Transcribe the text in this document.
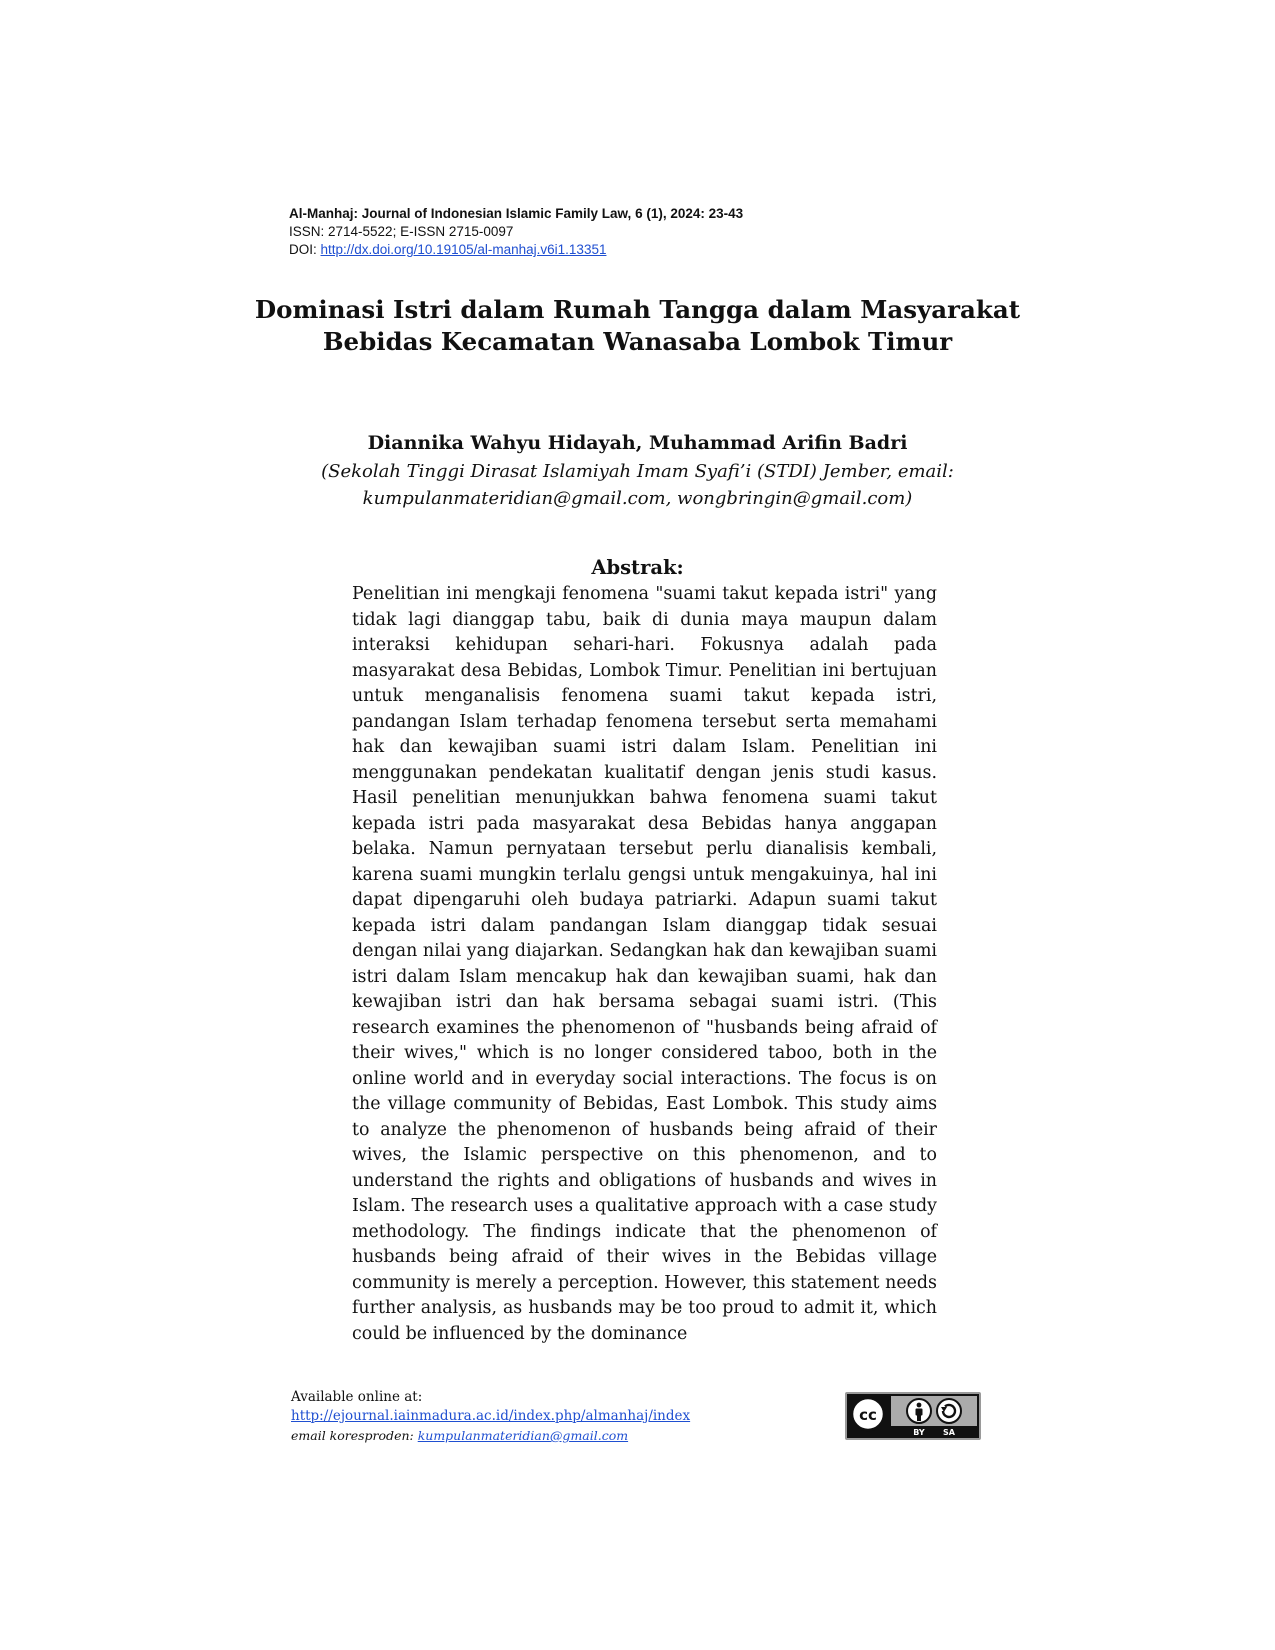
Al-Manhaj: Journal of Indonesian Islamic Family Law, 6 (1), 2024: 23-43
ISSN: 2714-5522; E-ISSN 2715-0097
DOI: http://dx.doi.org/10.19105/al-manhaj.v6i1.13351
Dominasi Istri dalam Rumah Tangga dalam Masyarakat
Bebidas Kecamatan Wanasaba Lombok Timur

Diannika Wahyu Hidayah, Muhammad Arifin Badri

(Sekolah Tinggi Dirasat Islamiyah Imam Syafi’i (STDI) Jember, email:
kumpulanmateridian@gmail.com, wongbringin@gmail.com)

Abstrak:

Penelitian ini mengkaji fenomena "suami takut kepada istri" yang tidak lagi dianggap tabu, baik di dunia maya maupun dalam interaksi kehidupan sehari-hari. Fokusnya adalah pada masyarakat desa Bebidas, Lombok Timur. Penelitian ini bertujuan untuk menganalisis fenomena suami takut kepada istri, pandangan Islam terhadap fenomena tersebut serta memahami hak dan kewajiban suami istri dalam Islam. Penelitian ini menggunakan pendekatan kualitatif dengan jenis studi kasus. Hasil penelitian menunjukkan bahwa fenomena suami takut kepada istri pada masyarakat desa Bebidas hanya anggapan belaka. Namun pernyataan tersebut perlu dianalisis kembali, karena suami mungkin terlalu gengsi untuk mengakuinya, hal ini dapat dipengaruhi oleh budaya patriarki. Adapun suami takut kepada istri dalam pandangan Islam dianggap tidak sesuai dengan nilai yang diajarkan. Sedangkan hak dan kewajiban suami istri dalam Islam mencakup hak dan kewajiban suami, hak dan kewajiban istri dan hak bersama sebagai suami istri. (This research examines the phenomenon of "husbands being afraid of their wives," which is no longer considered taboo, both in the online world and in everyday social interactions. The focus is on the village community of Bebidas, East Lombok. This study aims to analyze the phenomenon of husbands being afraid of their wives, the Islamic perspective on this phenomenon, and to understand the rights and obligations of husbands and wives in Islam. The research uses a qualitative approach with a case study methodology. The findings indicate that the phenomenon of husbands being afraid of their wives in the Bebidas village community is merely a perception. However, this statement needs further analysis, as husbands may be too proud to admit it, which could be influenced by the dominance

Available online at:
http://ejournal.iainmadura.ac.id/index.php/almanhaj/index
email koresproden: kumpulanmateridian@gmail.com
cc
BY SA
